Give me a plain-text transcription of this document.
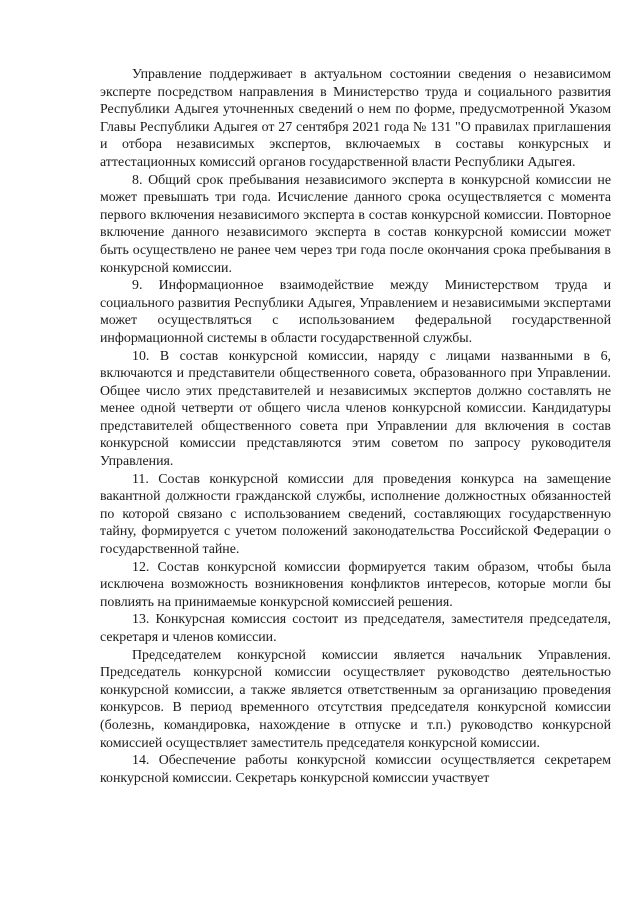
Управление поддерживает в актуальном состоянии сведения о независимом эксперте посредством направления в Министерство труда и социального развития Республики Адыгея уточненных сведений о нем по форме, предусмотренной Указом Главы Республики Адыгея от 27 сентября 2021 года № 131 "О правилах приглашения и отбора независимых экспертов, включаемых в составы конкурсных и аттестационных комиссий органов государственной власти Республики Адыгея.

8. Общий срок пребывания независимого эксперта в конкурсной комиссии не может превышать три года. Исчисление данного срока осуществляется с момента первого включения независимого эксперта в состав конкурсной комиссии. Повторное включение данного независимого эксперта в состав конкурсной комиссии может быть осуществлено не ранее чем через три года после окончания срока пребывания в конкурсной комиссии.

9. Информационное взаимодействие между Министерством труда и социального развития Республики Адыгея, Управлением и независимыми экспертами может осуществляться с использованием федеральной государственной информационной системы в области государственной службы.

10. В состав конкурсной комиссии, наряду с лицами названными в 6, включаются и представители общественного совета, образованного при Управлении. Общее число этих представителей и независимых экспертов должно составлять не менее одной четверти от общего числа членов конкурсной комиссии. Кандидатуры представителей общественного совета при Управлении для включения в состав конкурсной комиссии представляются этим советом по запросу руководителя Управления.

11. Состав конкурсной комиссии для проведения конкурса на замещение вакантной должности гражданской службы, исполнение должностных обязанностей по которой связано с использованием сведений, составляющих государственную тайну, формируется с учетом положений законодательства Российской Федерации о государственной тайне.

12. Состав конкурсной комиссии формируется таким образом, чтобы была исключена возможность возникновения конфликтов интересов, которые могли бы повлиять на принимаемые конкурсной комиссией решения.

13. Конкурсная комиссия состоит из председателя, заместителя председателя, секретаря и членов комиссии.

Председателем конкурсной комиссии является начальник Управления. Председатель конкурсной комиссии осуществляет руководство деятельностью конкурсной комиссии, а также является ответственным за организацию проведения конкурсов. В период временного отсутствия председателя конкурсной комиссии (болезнь, командировка, нахождение в отпуске и т.п.) руководство конкурсной комиссией осуществляет заместитель председателя конкурсной комиссии.

14. Обеспечение работы конкурсной комиссии осуществляется секретарем конкурсной комиссии. Секретарь конкурсной комиссии участвует
